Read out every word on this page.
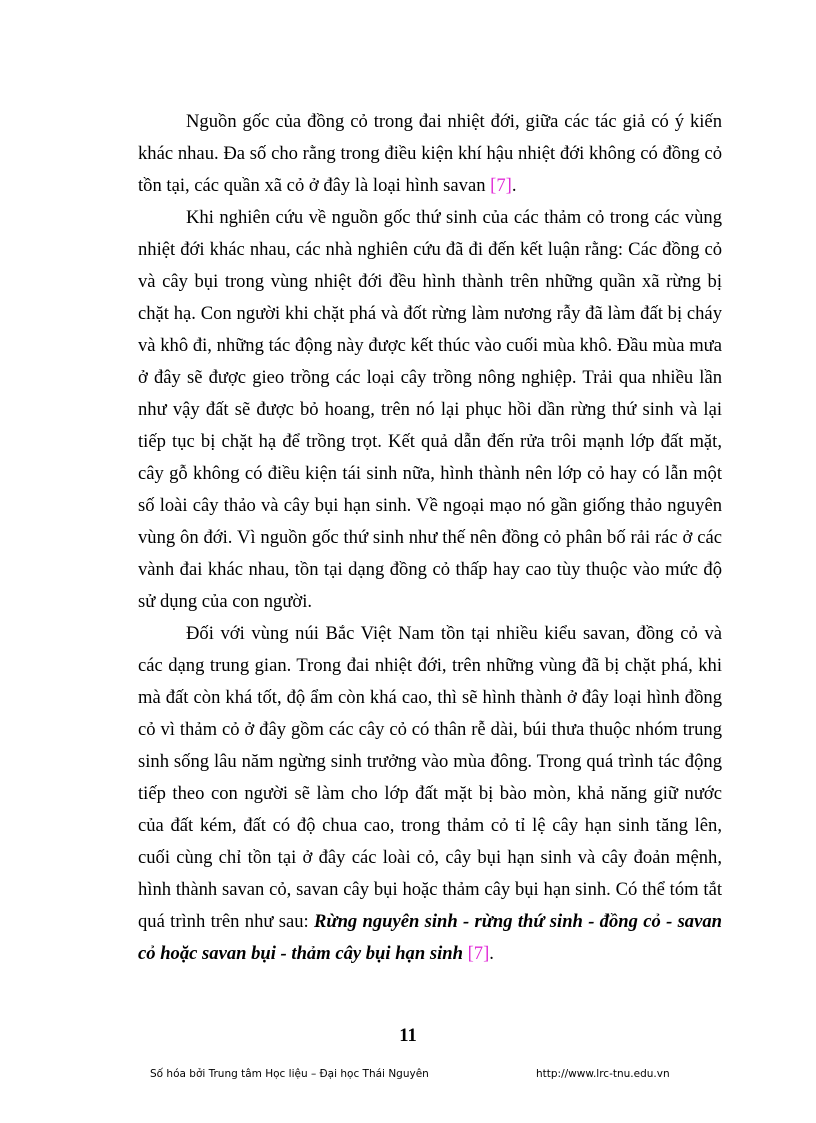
Nguồn gốc của đồng cỏ trong đai nhiệt đới, giữa các tác giả có ý kiến khác nhau. Đa số cho rằng trong điều kiện khí hậu nhiệt đới không có đồng cỏ tồn tại, các quần xã cỏ ở đây là loại hình savan [7].

Khi nghiên cứu về nguồn gốc thứ sinh của các thảm cỏ trong các vùng nhiệt đới khác nhau, các nhà nghiên cứu đã đi đến kết luận rằng: Các đồng cỏ và cây bụi trong vùng nhiệt đới đều hình thành trên những quần xã rừng bị chặt hạ. Con người khi chặt phá và đốt rừng làm nương rẫy đã làm đất bị cháy và khô đi, những tác động này được kết thúc vào cuối mùa khô. Đầu mùa mưa ở đây sẽ được gieo trồng các loại cây trồng nông nghiệp. Trải qua nhiều lần như vậy đất sẽ được bỏ hoang, trên nó lại phục hồi dần rừng thứ sinh và lại tiếp tục bị chặt hạ để trồng trọt. Kết quả dẫn đến rửa trôi mạnh lớp đất mặt, cây gỗ không có điều kiện tái sinh nữa, hình thành nên lớp cỏ hay có lẫn một số loài cây thảo và cây bụi hạn sinh. Về ngoại mạo nó gần giống thảo nguyên vùng ôn đới. Vì nguồn gốc thứ sinh như thế nên đồng cỏ phân bố rải rác ở các vành đai khác nhau, tồn tại dạng đồng cỏ thấp hay cao tùy thuộc vào mức độ sử dụng của con người.

Đối với vùng núi Bắc Việt Nam tồn tại nhiều kiểu savan, đồng cỏ và các dạng trung gian. Trong đai nhiệt đới, trên những vùng đã bị chặt phá, khi mà đất còn khá tốt, độ ẩm còn khá cao, thì sẽ hình thành ở đây loại hình đồng cỏ vì thảm cỏ ở đây gồm các cây cỏ có thân rễ dài, búi thưa thuộc nhóm trung sinh sống lâu năm ngừng sinh trưởng vào mùa đông. Trong quá trình tác động tiếp theo con người sẽ làm cho lớp đất mặt bị bào mòn, khả năng giữ nước của đất kém, đất có độ chua cao, trong thảm cỏ tỉ lệ cây hạn sinh tăng lên, cuối cùng chỉ tồn tại ở đây các loài cỏ, cây bụi hạn sinh và cây đoản mệnh, hình thành savan cỏ, savan cây bụi hoặc thảm cây bụi hạn sinh. Có thể tóm tắt quá trình trên như sau: Rừng nguyên sinh - rừng thứ sinh - đồng cỏ - savan cỏ hoặc savan bụi - thảm cây bụi hạn sinh [7].

11
Số hóa bởi Trung tâm Học liệu – Đại học Thái Nguyên	http://www.lrc-tnu.edu.vn
